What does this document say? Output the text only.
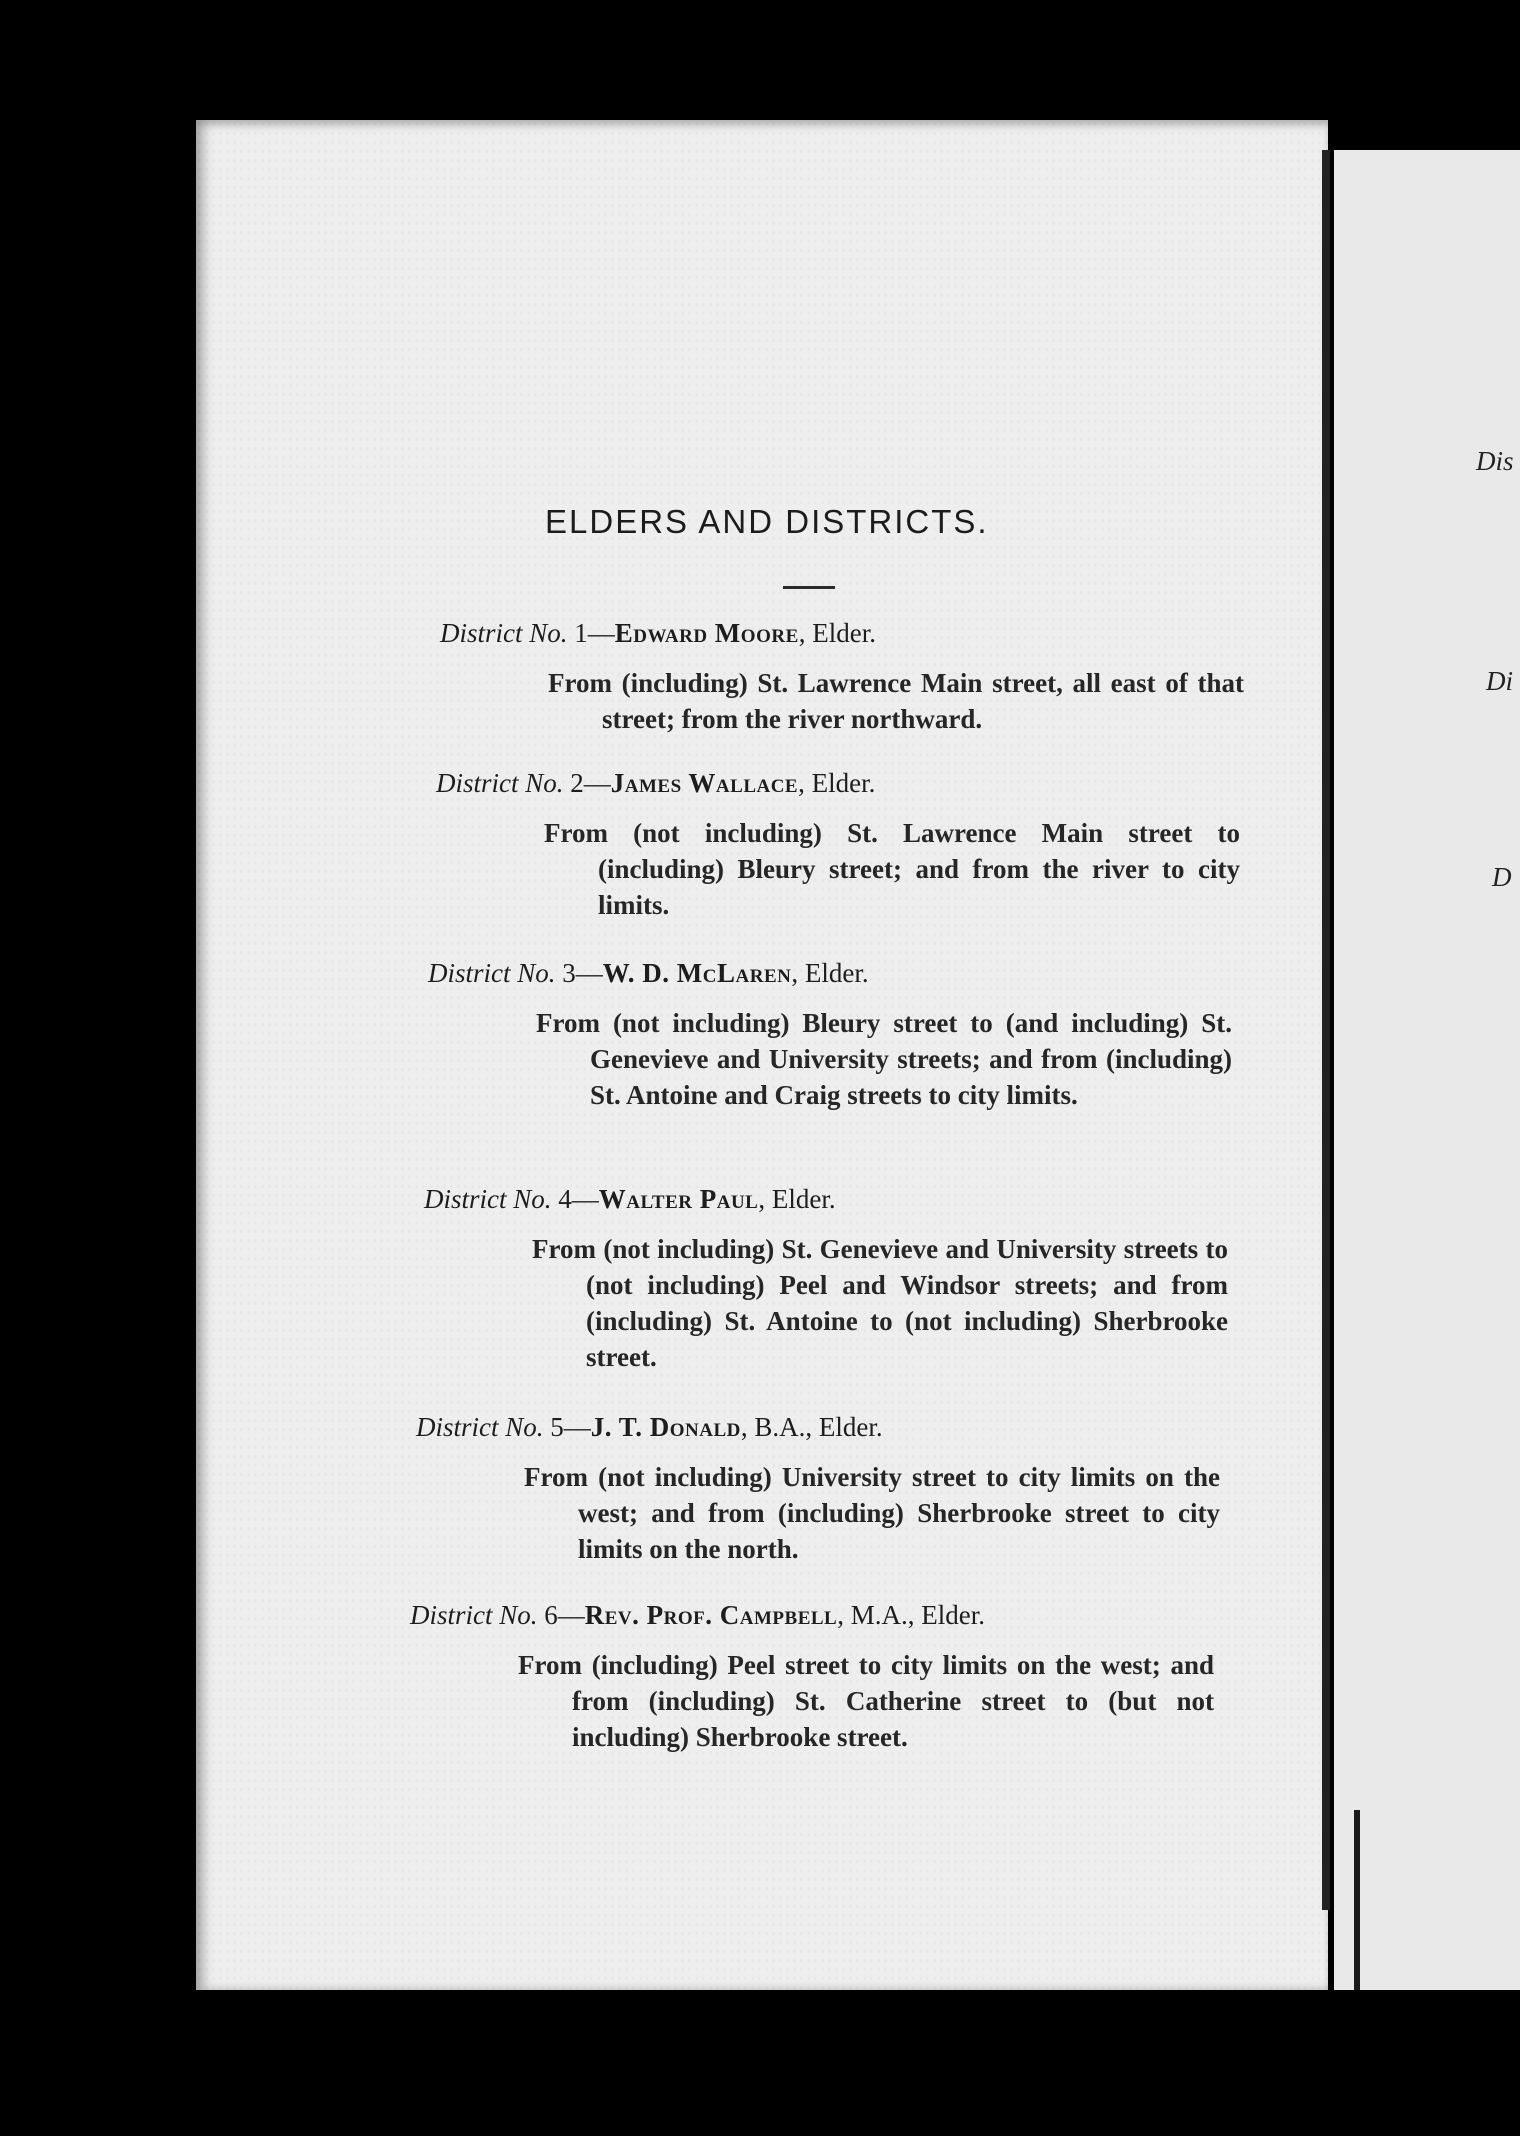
Dis
Di
D
ELDERS AND DISTRICTS.
District No. 1—Edward Moore, Elder.
From (including) St. Lawrence Main street, all east of that street; from the river northward.
District No. 2—James Wallace, Elder.
From (not including) St. Lawrence Main street to (including) Bleury street; and from the river to city limits.
District No. 3—W. D. McLaren, Elder.
From (not including) Bleury street to (and including) St. Genevieve and University streets; and from (including) St. Antoine and Craig streets to city limits.
District No. 4—Walter Paul, Elder.
From (not including) St. Genevieve and University streets to (not including) Peel and Windsor streets; and from (including) St. Antoine to (not including) Sherbrooke street.
District No. 5—J. T. Donald, B.A., Elder.
From (not including) University street to city limits on the west; and from (including) Sherbrooke street to city limits on the north.
District No. 6—Rev. Prof. Campbell, M.A., Elder.
From (including) Peel street to city limits on the west; and from (including) St. Catherine street to (but not including) Sherbrooke street.
